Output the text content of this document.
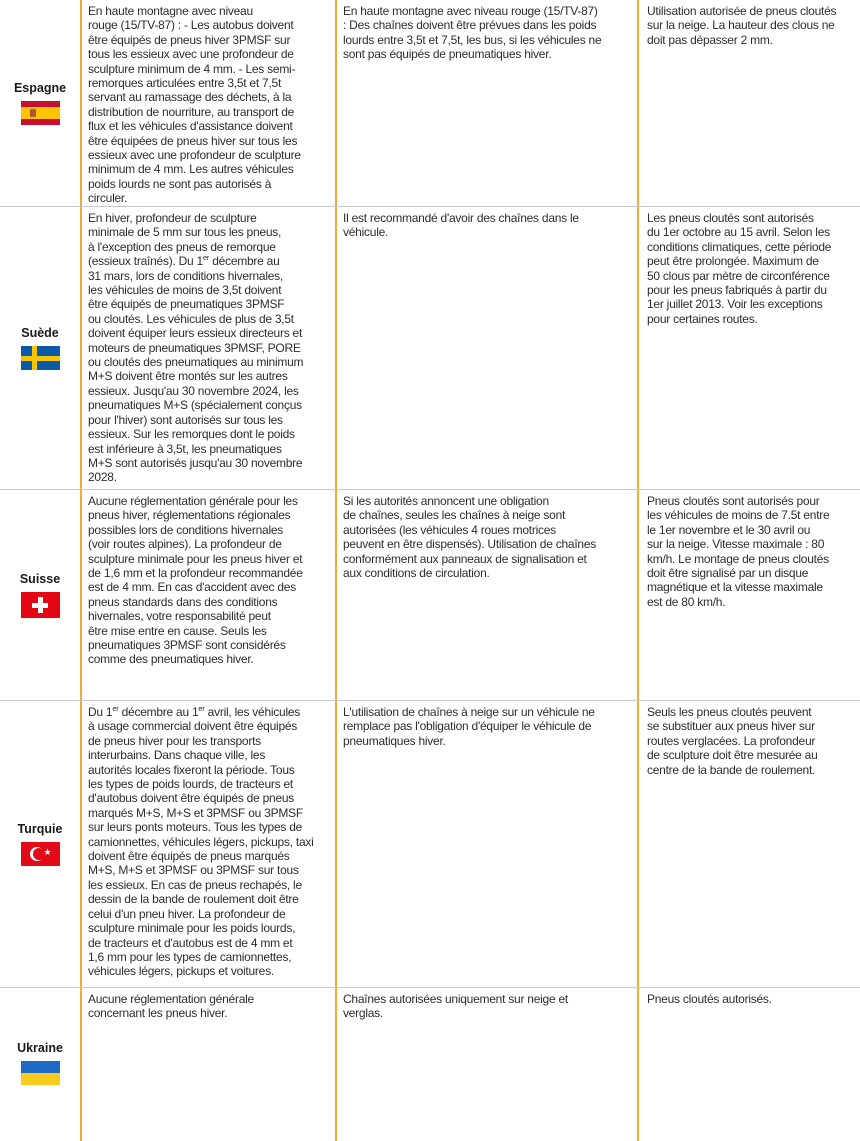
Espagne
En haute montagne avec niveau
rouge (15/TV-87) : - Les autobus doivent
être équipés de pneus hiver 3PMSF sur
tous les essieux avec une profondeur de
sculpture minimum de 4 mm. - Les semi-
remorques articulées entre 3,5t et 7,5t
servant au ramassage des déchets, à la
distribution de nourriture, au transport de
flux et les véhicules d'assistance doivent
être équipées de pneus hiver sur tous les
essieux avec une profondeur de sculpture
minimum de 4 mm. Les autres véhicules
poids lourds ne sont pas autorisés à
circuler.
En haute montagne avec niveau rouge (15/TV-87)
: Des chaînes doivent être prévues dans les poids
lourds entre 3,5t et 7,5t, les bus, si les véhicules ne
sont pas équipés de pneumatiques hiver.
Utilisation autorisée de pneus cloutés
sur la neige. La hauteur des clous ne
doit pas dépasser 2 mm.
Suède
En hiver, profondeur de sculpture
minimale de 5 mm sur tous les pneus,
à l'exception des pneus de remorque
(essieux traînés). Du 1er décembre au
31 mars, lors de conditions hivernales,
les véhicules de moins de 3,5t doivent
être équipés de pneumatiques 3PMSF
ou cloutés. Les véhicules de plus de 3,5t
doivent équiper leurs essieux directeurs et
moteurs de pneumatiques 3PMSF, PORE
ou cloutés des pneumatiques au minimum
M+S doivent être montés sur les autres
essieux. Jusqu'au 30 novembre 2024, les
pneumatiques M+S (spécialement conçus
pour l'hiver) sont autorisés sur tous les
essieux. Sur les remorques dont le poids
est inférieure à 3,5t, les pneumatiques
M+S sont autorisés jusqu'au 30 novembre
2028.
Il est recommandé d'avoir des chaînes dans le
véhicule.
Les pneus cloutés sont autorisés
du 1er octobre au 15 avril. Selon les
conditions climatiques, cette période
peut être prolongée. Maximum de
50 clous par mètre de circonférence
pour les pneus fabriqués à partir du
1er juillet 2013. Voir les exceptions
pour certaines routes.
Suisse
Aucune réglementation générale pour les
pneus hiver, réglementations régionales
possibles lors de conditions hivernales
(voir routes alpines). La profondeur de
sculpture minimale pour les pneus hiver et
de 1,6 mm et la profondeur recommandée
est de 4 mm. En cas d'accident avec des
pneus standards dans des conditions
hivernales, votre responsabilité peut
être mise entre en cause. Seuls les
pneumatiques 3PMSF sont considérés
comme des pneumatiques hiver.
Si les autorités annoncent une obligation
de chaînes, seules les chaînes à neige sont
autorisées (les véhicules 4 roues motrices
peuvent en être dispensés). Utilisation de chaînes
conformément aux panneaux de signalisation et
aux conditions de circulation.
Pneus cloutés sont autorisés pour
les véhicules de moins de 7.5t entre
le 1er novembre et le 30 avril ou
sur la neige. Vitesse maximale : 80
km/h. Le montage de pneus cloutés
doit être signalisé par un disque
magnétique et la vitesse maximale
est de 80 km/h.
Turquie
★
Du 1er décembre au 1er avril, les véhicules
à usage commercial doivent être équipés
de pneus hiver pour les transports
interurbains. Dans chaque ville, les
autorités locales fixeront la période. Tous
les types de poids lourds, de tracteurs et
d'autobus doivent être équipés de pneus
marqués M+S, M+S et 3PMSF ou 3PMSF
sur leurs ponts moteurs. Tous les types de
camionnettes, véhicules légers, pickups, taxi
doivent être équipés de pneus marqués
M+S, M+S et 3PMSF ou 3PMSF sur tous
les essieux. En cas de pneus rechapés, le
dessin de la bande de roulement doit être
celui d'un pneu hiver. La profondeur de
sculpture minimale pour les poids lourds,
de tracteurs et d'autobus est de 4 mm et
1,6 mm pour les types de camionnettes,
véhicules légers, pickups et voitures.
L'utilisation de chaînes à neige sur un véhicule ne
remplace pas l'obligation d'équiper le véhicule de
pneumatiques hiver.
Seuls les pneus cloutés peuvent
se substituer aux pneus hiver sur
routes verglacées. La profondeur
de sculpture doit être mesurée au
centre de la bande de roulement.
Ukraine
Aucune réglementation générale
concernant les pneus hiver.
Chaînes autorisées uniquement sur neige et
verglas.
Pneus cloutés autorisés.
